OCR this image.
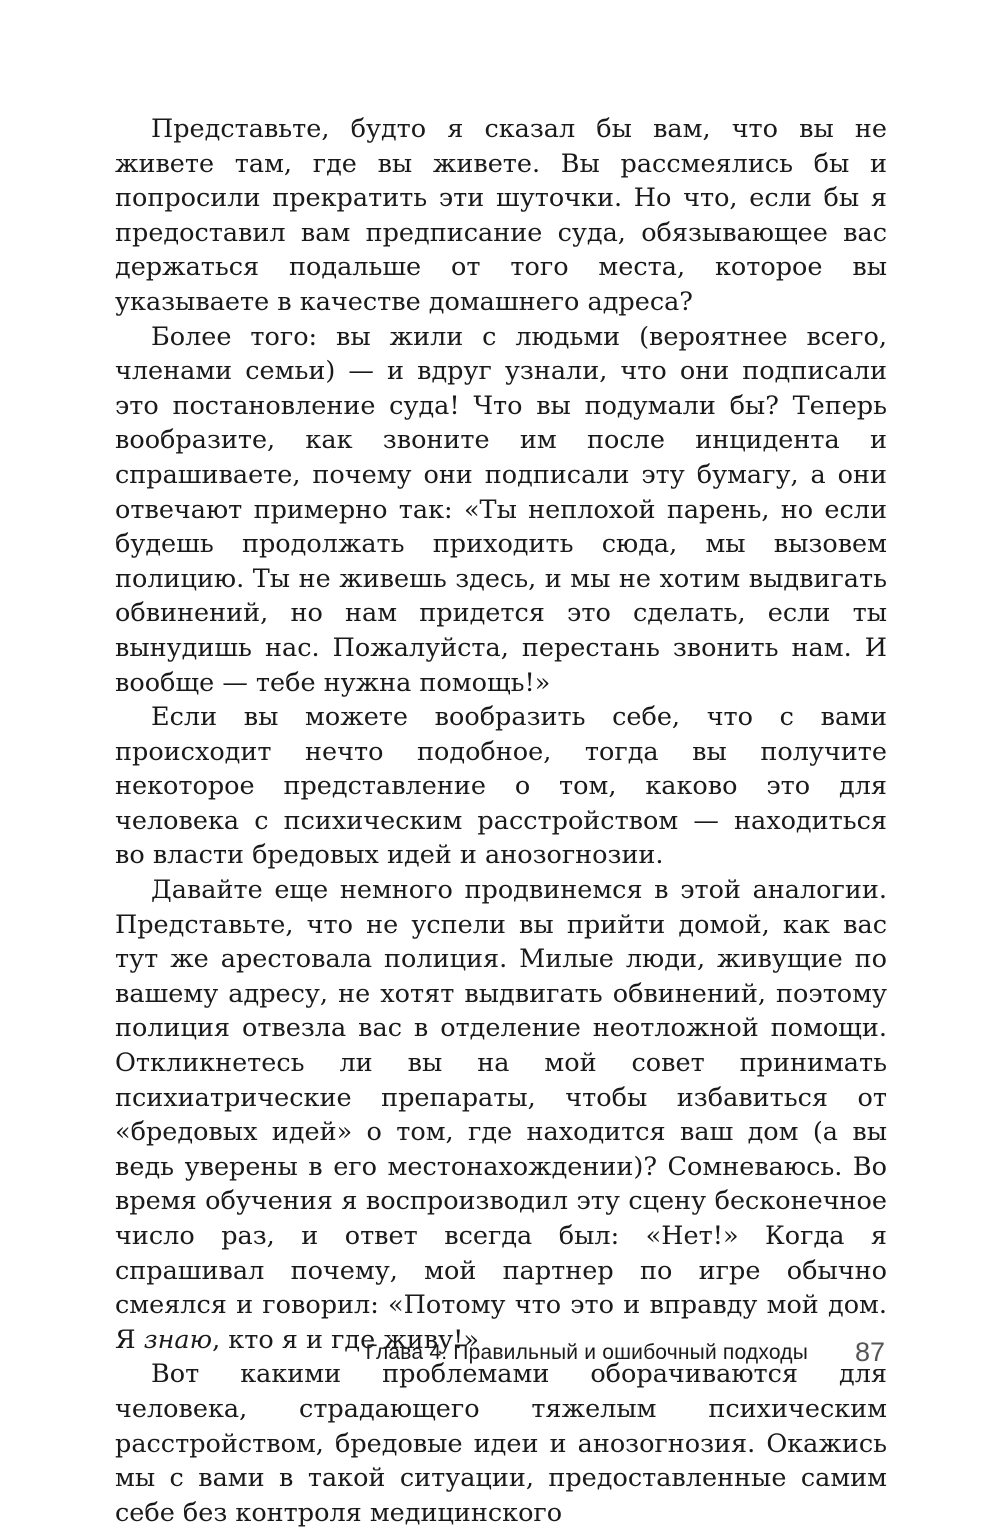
Представьте, будто я сказал бы вам, что вы не живете там, где вы живете. Вы рассмеялись бы и попросили прекратить эти шуточки. Но что, если бы я предоставил вам предписание суда, обязывающее вас держаться подальше от того места, которое вы указываете в качестве домашнего адреса?

Более того: вы жили с людьми (вероятнее всего, членами семьи) — и вдруг узнали, что они подписали это постановление суда! Что вы подумали бы? Теперь вообразите, как звоните им после инцидента и спрашиваете, почему они подписали эту бумагу, а они отвечают примерно так: «Ты неплохой парень, но если будешь продолжать приходить сюда, мы вызовем полицию. Ты не живешь здесь, и мы не хотим выдвигать обвинений, но нам придется это сделать, если ты вынудишь нас. Пожалуйста, перестань звонить нам. И вообще — тебе нужна помощь!»

Если вы можете вообразить себе, что с вами происходит нечто подобное, тогда вы получите некоторое представление о том, каково это для человека с психическим расстройством — находиться во власти бредовых идей и анозогнозии.

Давайте еще немного продвинемся в этой аналогии. Представьте, что не успели вы прийти домой, как вас тут же арестовала полиция. Милые люди, живущие по вашему адресу, не хотят выдвигать обвинений, поэтому полиция отвезла вас в отделение неотложной помощи. Откликнетесь ли вы на мой совет принимать психиатрические препараты, чтобы избавиться от «бредовых идей» о том, где находится ваш дом (а вы ведь уверены в его местонахождении)? Сомневаюсь. Во время обучения я воспроизводил эту сцену бесконечное число раз, и ответ всегда был: «Нет!» Когда я спрашивал почему, мой партнер по игре обычно смеялся и говорил: «Потому что это и вправду мой дом. Я знаю, кто я и где живу!»

Вот какими проблемами оборачиваются для человека, страдающего тяжелым психическим расстройством, бредовые идеи и анозогнозия. Окажись мы с вами в такой ситуации, предоставленные самим себе без контроля медицинского

Глава 4. Правильный и ошибочный подходы 87
